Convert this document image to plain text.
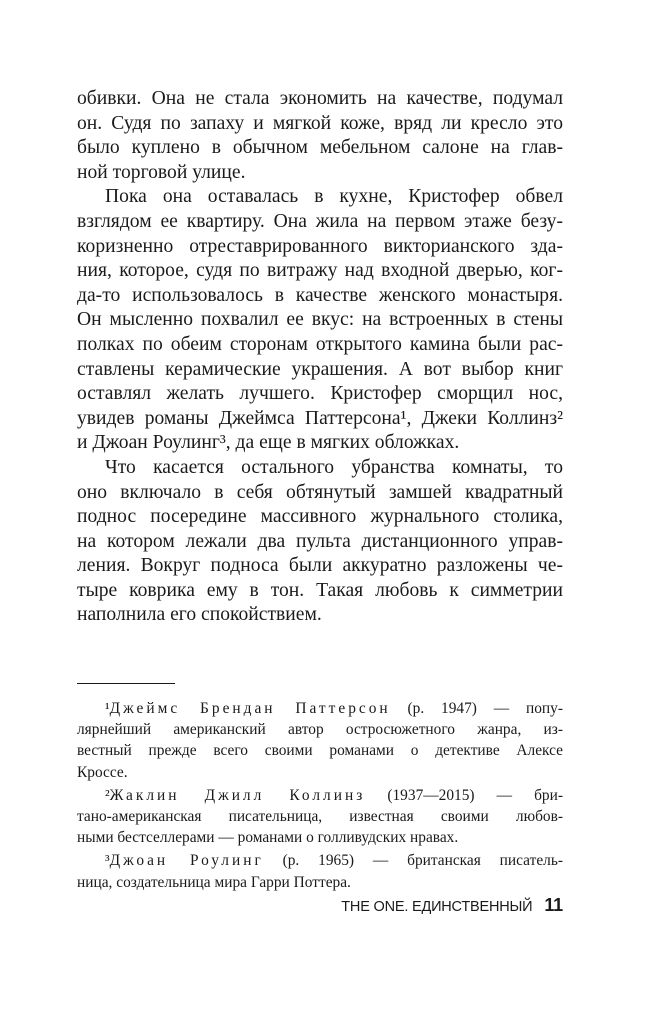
обивки. Она не стала экономить на качестве, подумал
он. Судя по запаху и мягкой коже, вряд ли кресло это
было куплено в обычном мебельном салоне на глав-
ной торговой улице.

Пока она оставалась в кухне, Кристофер обвел
взглядом ее квартиру. Она жила на первом этаже безу-
коризненно отреставрированного викторианского зда-
ния, которое, судя по витражу над входной дверью, ког-
да-то использовалось в качестве женского монастыря.
Он мысленно похвалил ее вкус: на встроенных в стены
полках по обеим сторонам открытого камина были рас-
ставлены керамические украшения. А вот выбор книг
оставлял желать лучшего. Кристофер сморщил нос,
увидев романы Джеймса Паттерсона¹, Джеки Коллинз²
и Джоан Роулинг³, да еще в мягких обложках.

Что касается остального убранства комнаты, то
оно включало в себя обтянутый замшей квадратный
поднос посередине массивного журнального столика,
на котором лежали два пульта дистанционного управ-
ления. Вокруг подноса были аккуратно разложены че-
тыре коврика ему в тон. Такая любовь к симметрии
наполнила его спокойствием.

¹Джеймс Брендан Паттерсон (р. 1947) — попу-
лярнейший американский автор остросюжетного жанра, из-
вестный прежде всего своими романами о детективе Алексе
Кроссе.
²Жаклин Джилл Коллинз (1937—2015) — бри-
тано-американская писательница, известная своими любов-
ными бестселлерами — романами о голливудских нравах.
³Джоан Роулинг (р. 1965) — британская писатель-
ница, создательница мира Гарри Поттера.
THE ONE. ЕДИНСТВЕННЫЙ 11
